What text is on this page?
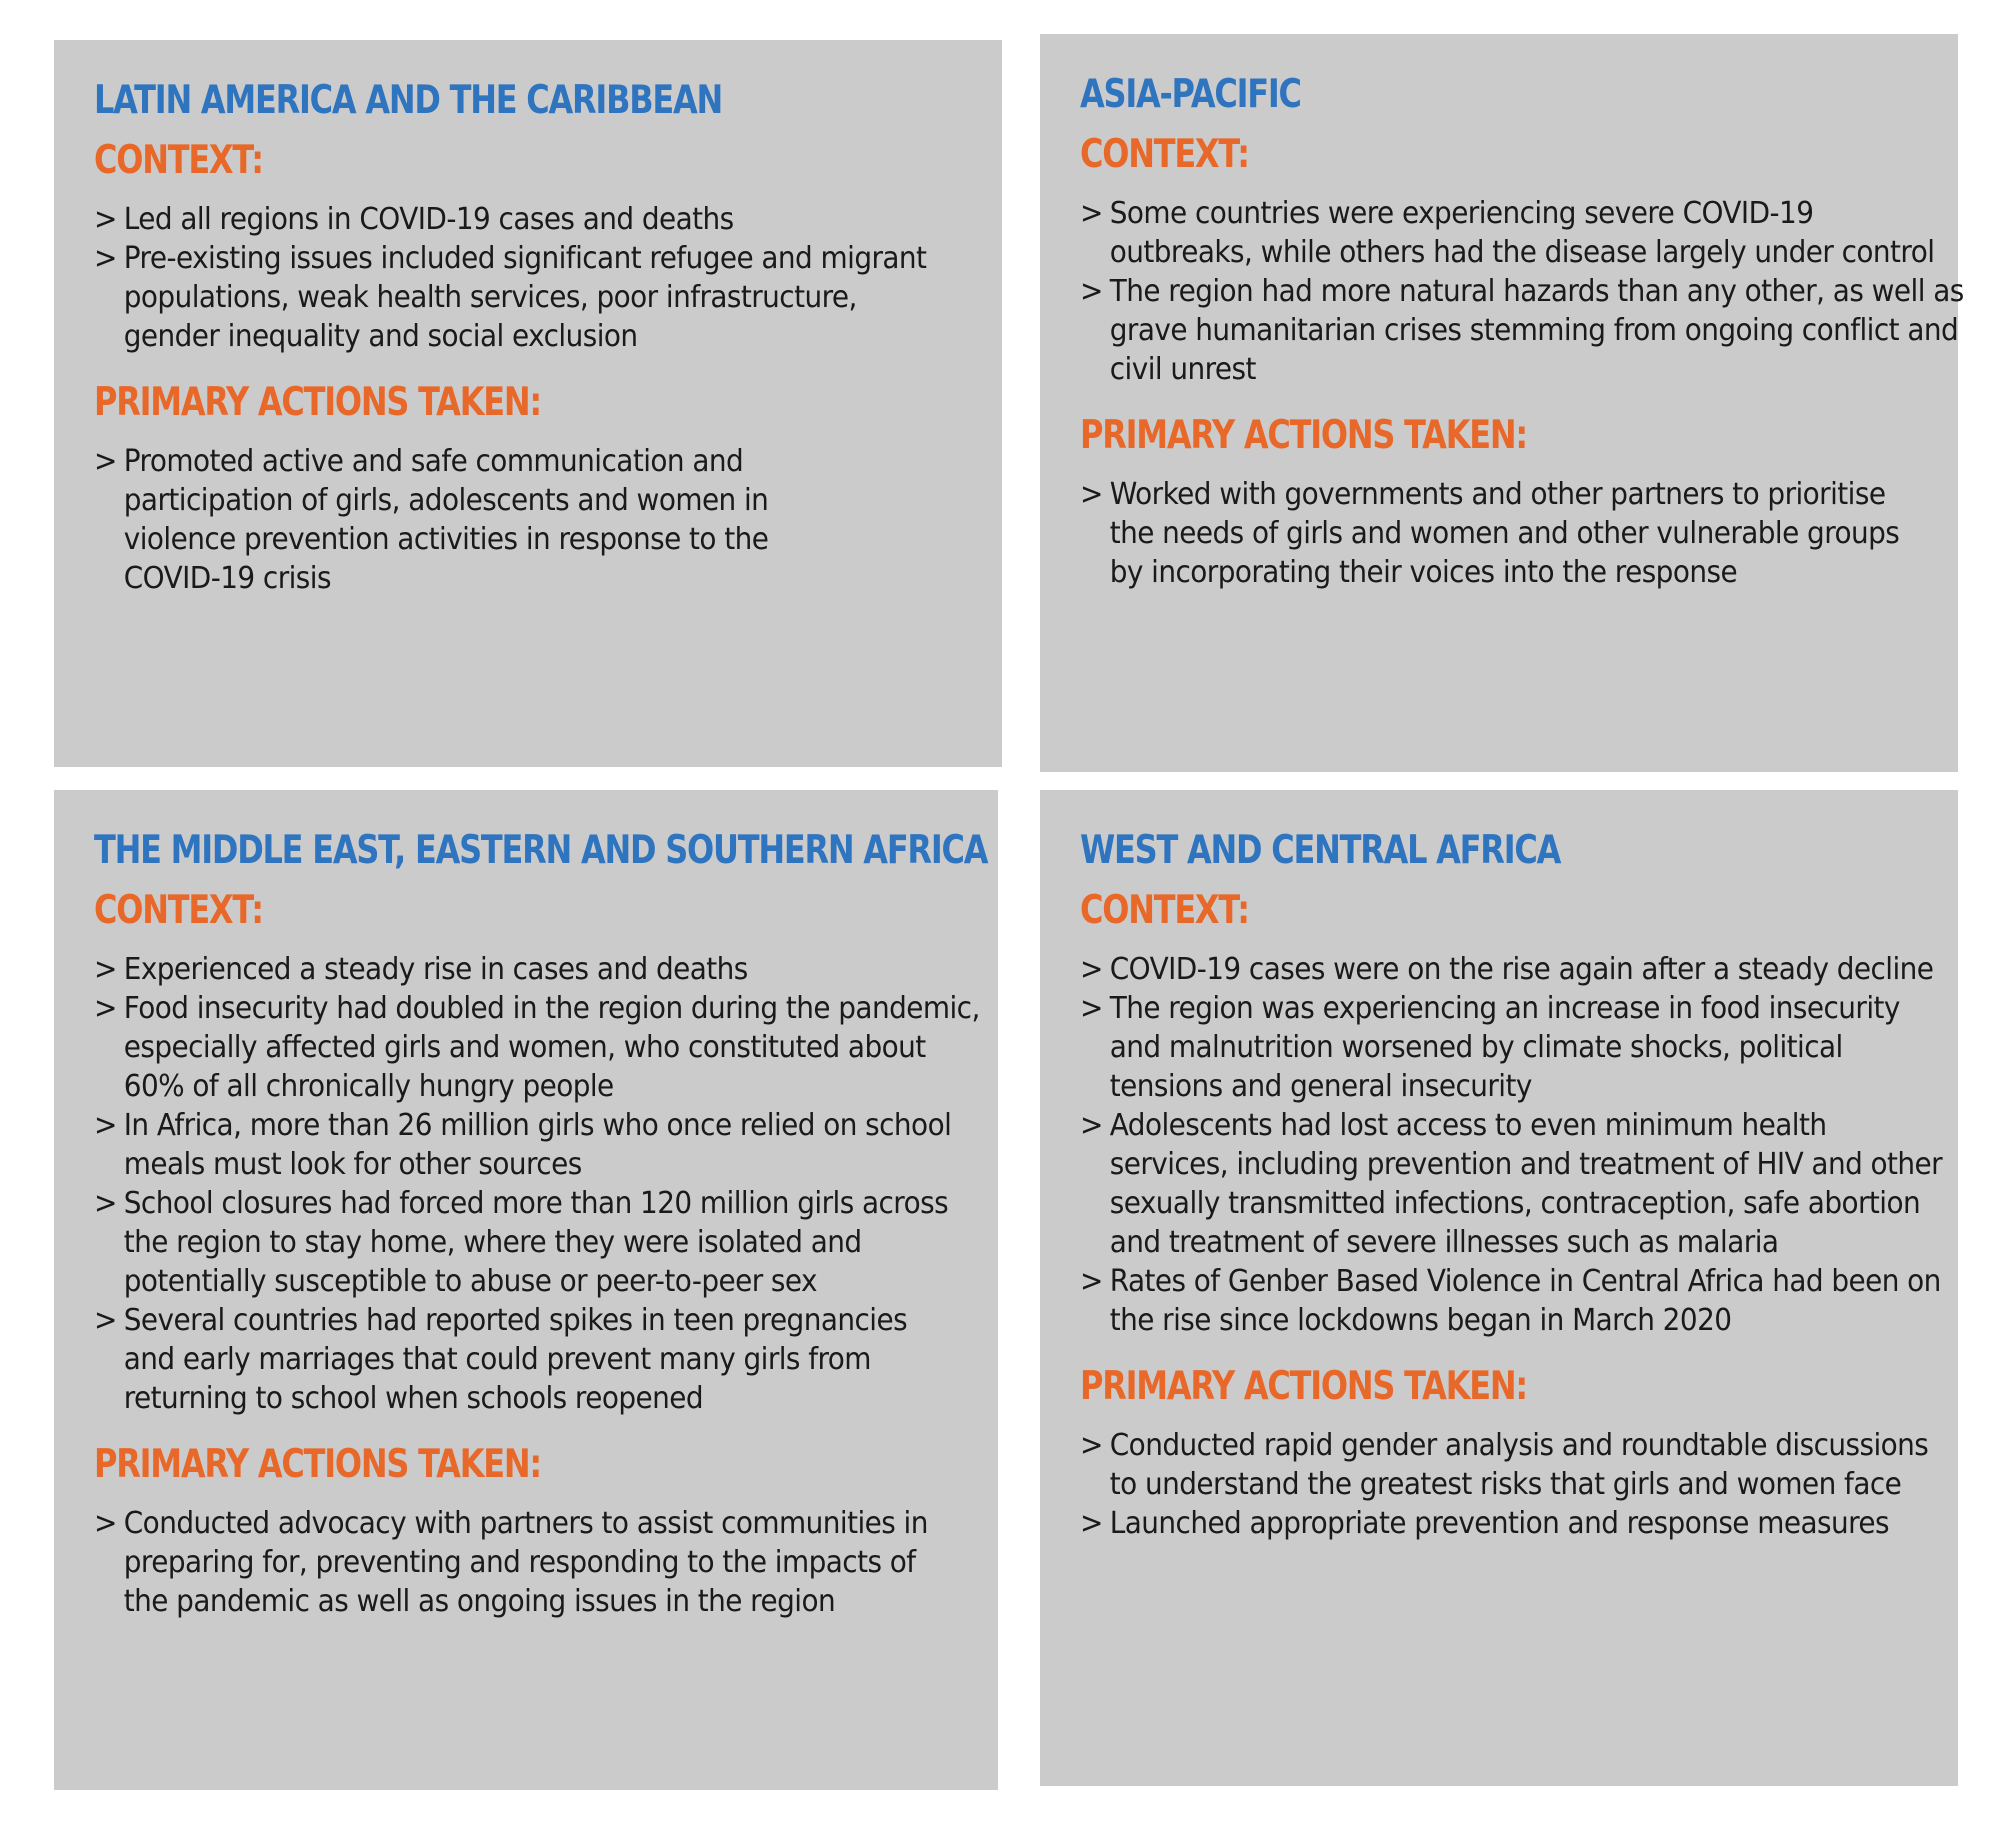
LATIN AMERICA AND THE CARIBBEAN
CONTEXT:
> Led all regions in COVID-19 cases and deaths
> Pre-existing issues included significant refugee and migrant populations, weak health services, poor infrastructure, gender inequality and social exclusion
PRIMARY ACTIONS TAKEN:
> Promoted active and safe communication and participation of girls, adolescents and women in violence prevention activities in response to the COVID-19 crisis
ASIA-PACIFIC
CONTEXT:
> Some countries were experiencing severe COVID-19 outbreaks, while others had the disease largely under control
> The region had more natural hazards than any other, as well as grave humanitarian crises stemming from ongoing conflict and civil unrest
PRIMARY ACTIONS TAKEN:
> Worked with governments and other partners to prioritise the needs of girls and women and other vulnerable groups by incorporating their voices into the response
THE MIDDLE EAST, EASTERN AND SOUTHERN AFRICA
CONTEXT:
> Experienced a steady rise in cases and deaths
> Food insecurity had doubled in the region during the pandemic, especially affected girls and women, who constituted about 60% of all chronically hungry people
> In Africa, more than 26 million girls who once relied on school meals must look for other sources
> School closures had forced more than 120 million girls across the region to stay home, where they were isolated and potentially susceptible to abuse or peer-to-peer sex
> Several countries had reported spikes in teen pregnancies and early marriages that could prevent many girls from returning to school when schools reopened
PRIMARY ACTIONS TAKEN:
> Conducted advocacy with partners to assist communities in preparing for, preventing and responding to the impacts of the pandemic as well as ongoing issues in the region
WEST AND CENTRAL AFRICA
CONTEXT:
> COVID-19 cases were on the rise again after a steady decline
> The region was experiencing an increase in food insecurity and malnutrition worsened by climate shocks, political tensions and general insecurity
> Adolescents had lost access to even minimum health services, including prevention and treatment of HIV and other sexually transmitted infections, contraception, safe abortion and treatment of severe illnesses such as malaria
> Rates of Genber Based Violence in Central Africa had been on the rise since lockdowns began in March 2020
PRIMARY ACTIONS TAKEN:
> Conducted rapid gender analysis and roundtable discussions to understand the greatest risks that girls and women face
> Launched appropriate prevention and response measures
